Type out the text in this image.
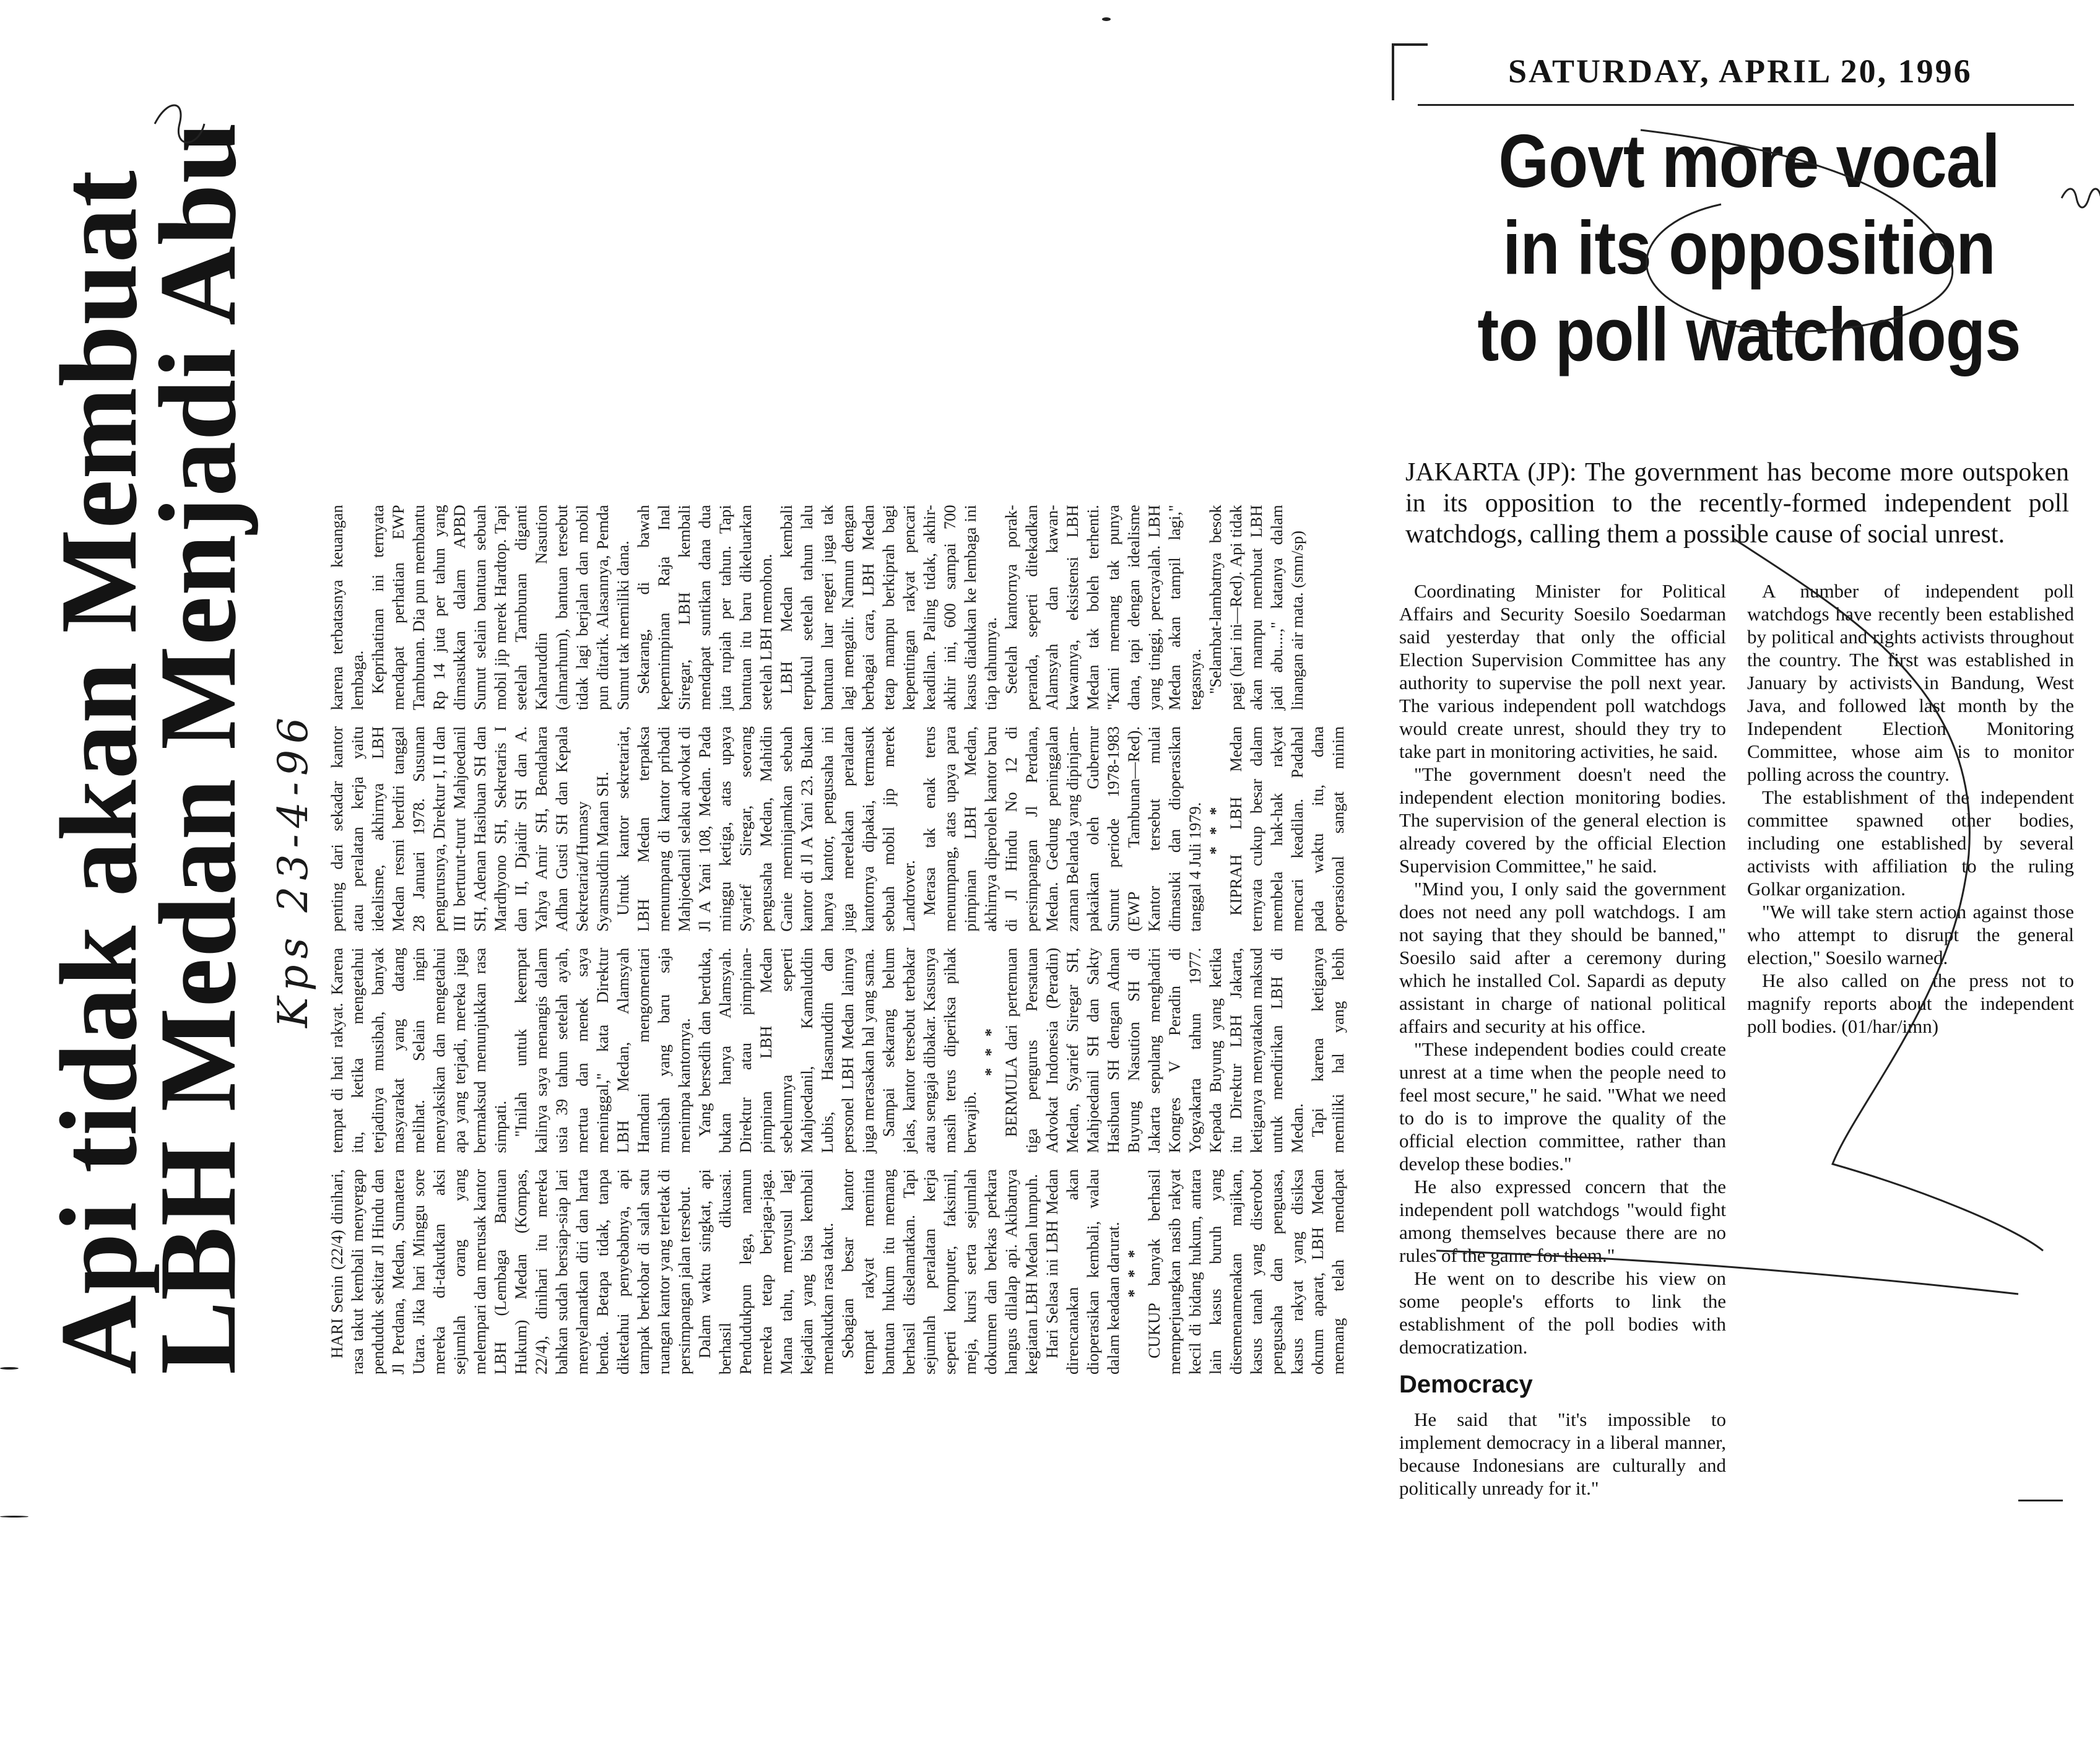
Api tidak akan Membuat
LBH Medan Menjadi Abu Kps 23-4-96

HARI Senin (22/4) dinihari, rasa takut kembali menyergap penduduk sekitar Jl Hindu dan Jl Perdana, Medan, Sumatera Utara. Jika hari Minggu sore mereka di-takutkan aksi sejumlah orang yang melempari dan merusak kantor LBH (Lembaga Bantuan Hukum) Medan (Kompas, 22/4), dinihari itu mereka bahkan sudah bersiap-siap lari menyelamatkan diri dan harta benda. Betapa tidak, tanpa diketahui penyebabnya, api tampak berkobar di salah satu ruangan kantor yang terletak di persimpangan jalan tersebut. Dalam waktu singkat, api berhasil dikuasai. Pendudukpun lega, namun mereka tetap berjaga-jaga. Mana tahu, menyusul lagi kejadian yang bisa kembali menakutkan rasa takut. Sebagian besar kantor tempat rakyat meminta bantuan hukum itu memang berhasil diselamatkan. Tapi sejumlah peralatan kerja seperti komputer, faksimil, meja, kursi serta sejumlah dokumen dan berkas perkara hangus dilalap api. Akibatnya kegiatan LBH Medan lumpuh. Hari Selasa ini LBH Medan direncanakan akan dioperasikan kembali, walau dalam keadaan darurat. * * * CUKUP banyak berhasil memperjuangkan nasib rakyat kecil di bidang hukum, antara lain kasus buruh yang disemenamenakan majikan, kasus tanah yang diserobot pengusaha dan penguasa, kasus rakyat yang disiksa oknum aparat, LBH Medan memang telah mendapat tempat di hati rakyat. Karena itu, ketika mengetahui terjadinya musibah, banyak masyarakat yang datang melihat. Selain ingin menyaksikan dan mengetahui apa yang terjadi, mereka juga bermaksud menunjukkan rasa simpati. "Inilah untuk keempat kalinya saya menangis dalam usia 39 tahun setelah ayah, mertua dan menek saya meninggal," kata Direktur LBH Medan, Alamsyah Hamdani mengomentari musibah yang baru saja menimpa kantornya. Yang bersedih dan berduka, bukan hanya Alamsyah. Direktur atau pimpinan-pimpinan LBH Medan sebelumnya seperti Mahjoedanil, Kamaluddin Lubis, Hasanuddin dan personel LBH Medan lainnya juga merasakan hal yang sama. Sampai sekarang belum jelas, kantor tersebut terbakar atau sengaja dibakar. Kasusnya masih terus diperiksa pihak berwajib.

* * * BERMULA dari pertemuan tiga pengurus Persatuan Advokat Indonesia (Peradin) Medan, Syarief Siregar SH, Mahjoedanil SH dan Sakty Hasibuan SH dengan Adnan Buyung Nasution SH di Jakarta sepulang menghadiri Kongres V Peradin di Yogyakarta tahun 1977. Kepada Buyung yang ketika itu Direktur LBH Jakarta, ketiganya menyatakan maksud untuk mendirikan LBH di Medan. Tapi karena ketiganya memiliki hal yang lebih penting dari sekadar kantor atau peralatan kerja yaitu idealisme, akhirnya LBH Medan resmi berdiri tanggal 28 Januari 1978. Susunan pengurusnya, Direktur I, II dan III berturut-turut Mahjoedanil SH, Adenan Hasibuan SH dan Mardhyono SH, Sekretaris I dan II, Djaidir SH dan A. Yahya Amir SH, Bendahara Adhan Gusti SH dan Kepala Sekretariat/Humasy Syamsuddin Manan SH. Untuk kantor sekretariat, LBH Medan terpaksa menumpang di kantor pribadi Mahjoedanil selaku advokat di Jl A Yani 108, Medan. Pada minggu ketiga, atas upaya Syarief Siregar, seorang pengusaha Medan, Mahidin Ganie meminjamkan sebuah kantor di Jl A Yani 23. Bukan hanya kantor, pengusaha ini juga merelakan peralatan kantornya dipakai, termasuk sebuah mobil jip merek Landrover. Merasa tak enak terus menumpang, atas upaya para pimpinan LBH Medan, akhirnya diperoleh kantor baru di Jl Hindu No 12 di persimpangan Jl Perdana, Medan. Gedung peninggalan zaman Belanda yang dipinjam-pakaikan oleh Gubernur Sumut periode 1978-1983 (EWP Tambunan—Red). Kantor tersebut mulai dimasuki dan dioperasikan tanggal 4 Juli 1979. * * * KIPRAH LBH Medan ternyata cukup besar dalam membela hak-hak rakyat mencari keadilan. Padahal pada waktu itu, dana operasional sangat minim karena terbatasnya keuangan lembaga. Keprihatinan ini ternyata mendapat perhatian EWP Tambunan. Dia pun membantu Rp 14 juta per tahun yang dimasukkan dalam APBD Sumut selain bantuan sebuah mobil jip merek Hardtop. Tapi setelah Tambunan diganti Kaharuddin Nasution (almarhum), bantuan tersebut tidak lagi berjalan dan mobil pun ditarik. Alasannya, Pemda Sumut tak memiliki dana. Sekarang, di bawah kepemimpinan Raja Inal Siregar, LBH kembali mendapat suntikan dana dua juta rupiah per tahun. Tapi bantuan itu baru dikeluarkan setelah LBH memohon. LBH Medan kembali terpukul setelah tahun lalu bantuan luar negeri juga tak lagi mengalir. Namun dengan berbagai cara, LBH Medan tetap mampu berkiprah bagi kepentingan rakyat pencari keadilan. Paling tidak, akhir-akhir ini, 600 sampai 700 kasus diadukan ke lembaga ini tiap tahunnya. Setelah kantornya porak-peranda, seperti ditekadkan Alamsyah dan kawan-kawannya, eksistensi LBH Medan tak boleh terhenti. "Kami memang tak punya dana, tapi dengan idealisme yang tinggi, percayalah. LBH Medan akan tampil lagi," tegasnya. "Selambat-lambatnya besok pagi (hari ini—Red). Api tidak akan mampu membuat LBH jadi abu....," katanya dalam linangan air mata. (smn/sp)

SATURDAY, APRIL 20, 1996
Govt more vocal
in its opposition
to poll watchdogs

JAKARTA (JP): The government has become more outspoken in its opposition to the recently-formed independent poll watchdogs, calling them a possible cause of social unrest.

Coordinating Minister for Political Affairs and Security Soesilo Soedarman said yesterday that only the official Election Supervision Committee has any authority to supervise the poll next year. The various independent poll watchdogs would create unrest, should they try to take part in monitoring activities, he said.

"The government doesn't need the independent election monitoring bodies. The supervision of the general election is already covered by the official Election Supervision Committee," he said.

"Mind you, I only said the government does not need any poll watchdogs. I am not saying that they should be banned," Soesilo said after a ceremony during which he installed Col. Sapardi as deputy assistant in charge of national political affairs and security at his office.

"These independent bodies could create unrest at a time when the people need to feel most secure," he said. "What we need to do is to improve the quality of the official election committee, rather than develop these bodies."

He also expressed concern that the independent poll watchdogs "would fight among themselves because there are no rules of the game for them."

He went on to describe his view on some people's efforts to link the establishment of the poll bodies with democratization.

Democracy

He said that "it's impossible to implement democracy in a liberal manner, because Indonesians are culturally and politically unready for it."

A number of independent poll watchdogs have recently been established by political and rights activists throughout the country. The first was established in January by activists in Bandung, West Java, and followed last month by the Independent Election Monitoring Committee, whose aim is to monitor polling across the country.

The establishment of the independent committee spawned other bodies, including one established by several activists with affiliation to the ruling Golkar organization.

"We will take stern action against those who attempt to disrupt the general election," Soesilo warned.

He also called on the press not to magnify reports about the independent poll bodies. (01/har/imn)
